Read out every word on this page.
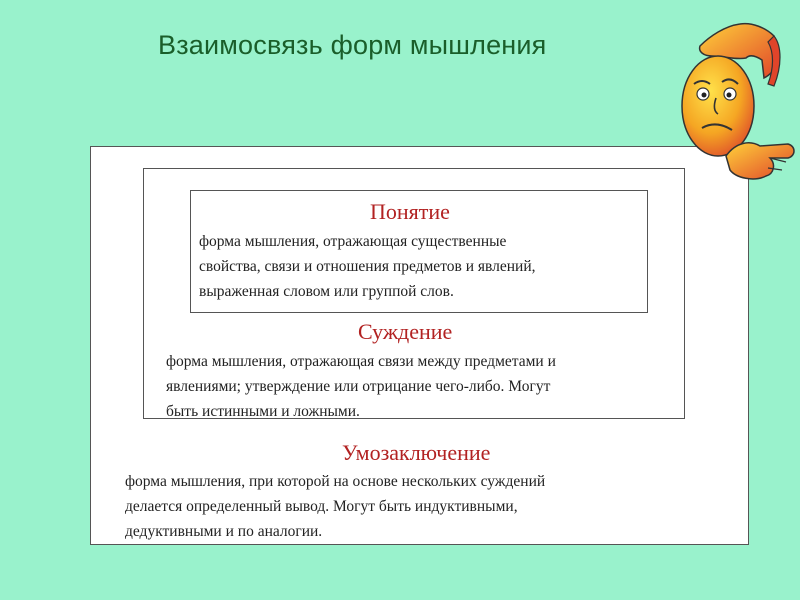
Взаимосвязь форм мышления
Понятие
форма мышления, отражающая существенные
свойства, связи и отношения предметов и явлений,
выраженная словом или группой слов.
Суждение
форма мышления, отражающая связи между предметами и
явлениями; утверждение или отрицание чего-либо. Могут
быть истинными и ложными.
Умозаключение
форма мышления, при которой на основе нескольких суждений
делается определенный вывод. Могут быть индуктивными,
дедуктивными и по аналогии.
